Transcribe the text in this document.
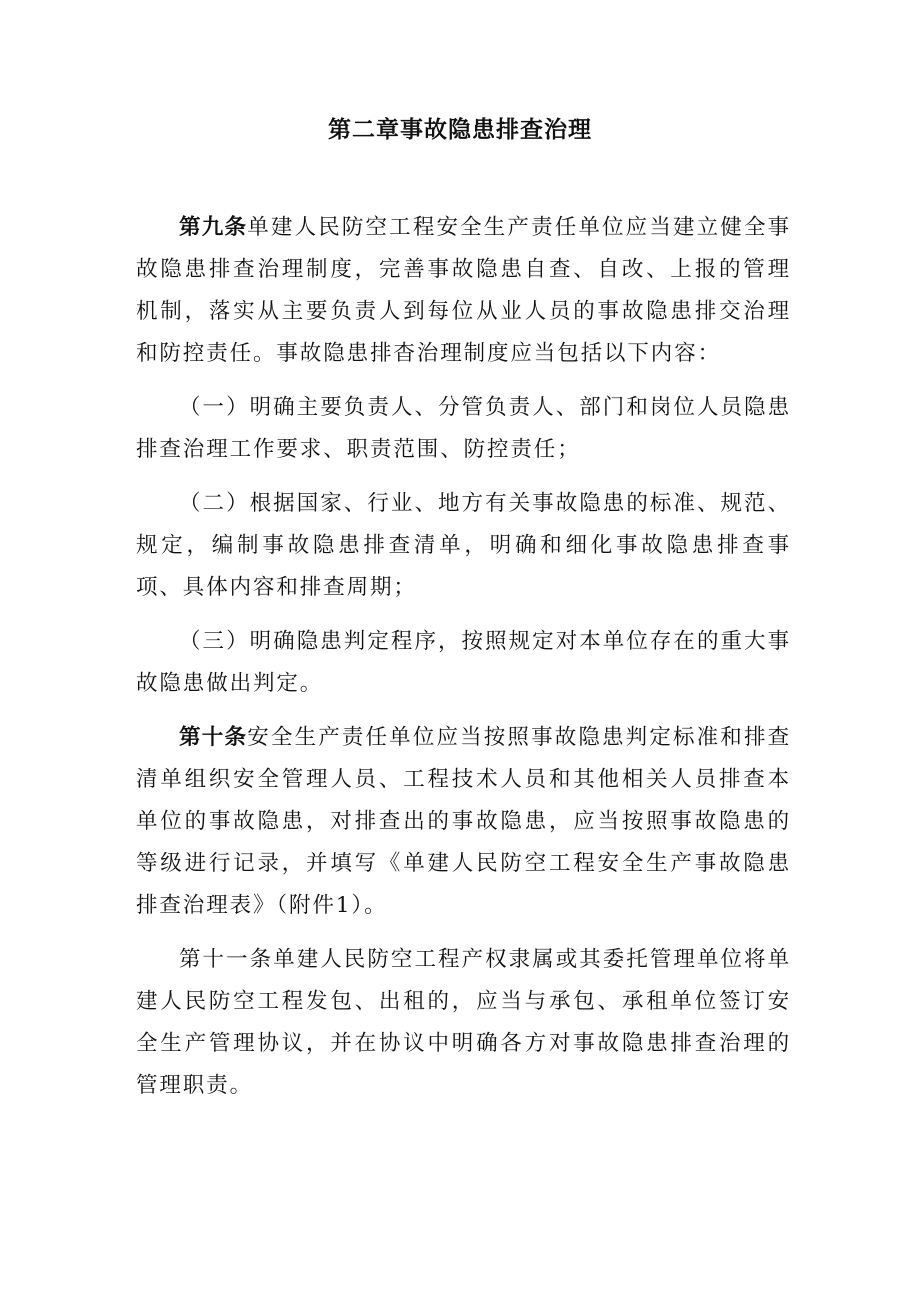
第二章事故隐患排查治理

第九条单建人民防空工程安全生产责任单位应当建立健全事故隐患排查治理制度，完善事故隐患自查、自改、上报的管理机制，落实从主要负责人到每位从业人员的事故隐患排交治理和防控责任。事故隐患排杳治理制度应当包括以下内容：

（一）明确主要负责人、分管负责人、部门和岗位人员隐患排查治理工作要求、职责范围、防控责任；

（二）根据国家、行业、地方有关事故隐患的标准、规范、规定，编制事故隐患排查清单，明确和细化事故隐患排查事项、具体内容和排查周期；

（三）明确隐患判定程序，按照规定对本单位存在的重大事故隐患做出判定。

第十条安全生产责任单位应当按照事故隐患判定标准和排查清单组织安全管理人员、工程技术人员和其他相关人员排查本单位的事故隐患，对排查出的事故隐患，应当按照事故隐患的等级进行记录，并填写《单建人民防空工程安全生产事故隐患排查治理表》（附件1）。

第十一条单建人民防空工程产权隶属或其委托管理单位将单建人民防空工程发包、出租的，应当与承包、承租单位签订安全生产管理协议，并在协议中明确各方对事故隐患排查治理的管理职责。
